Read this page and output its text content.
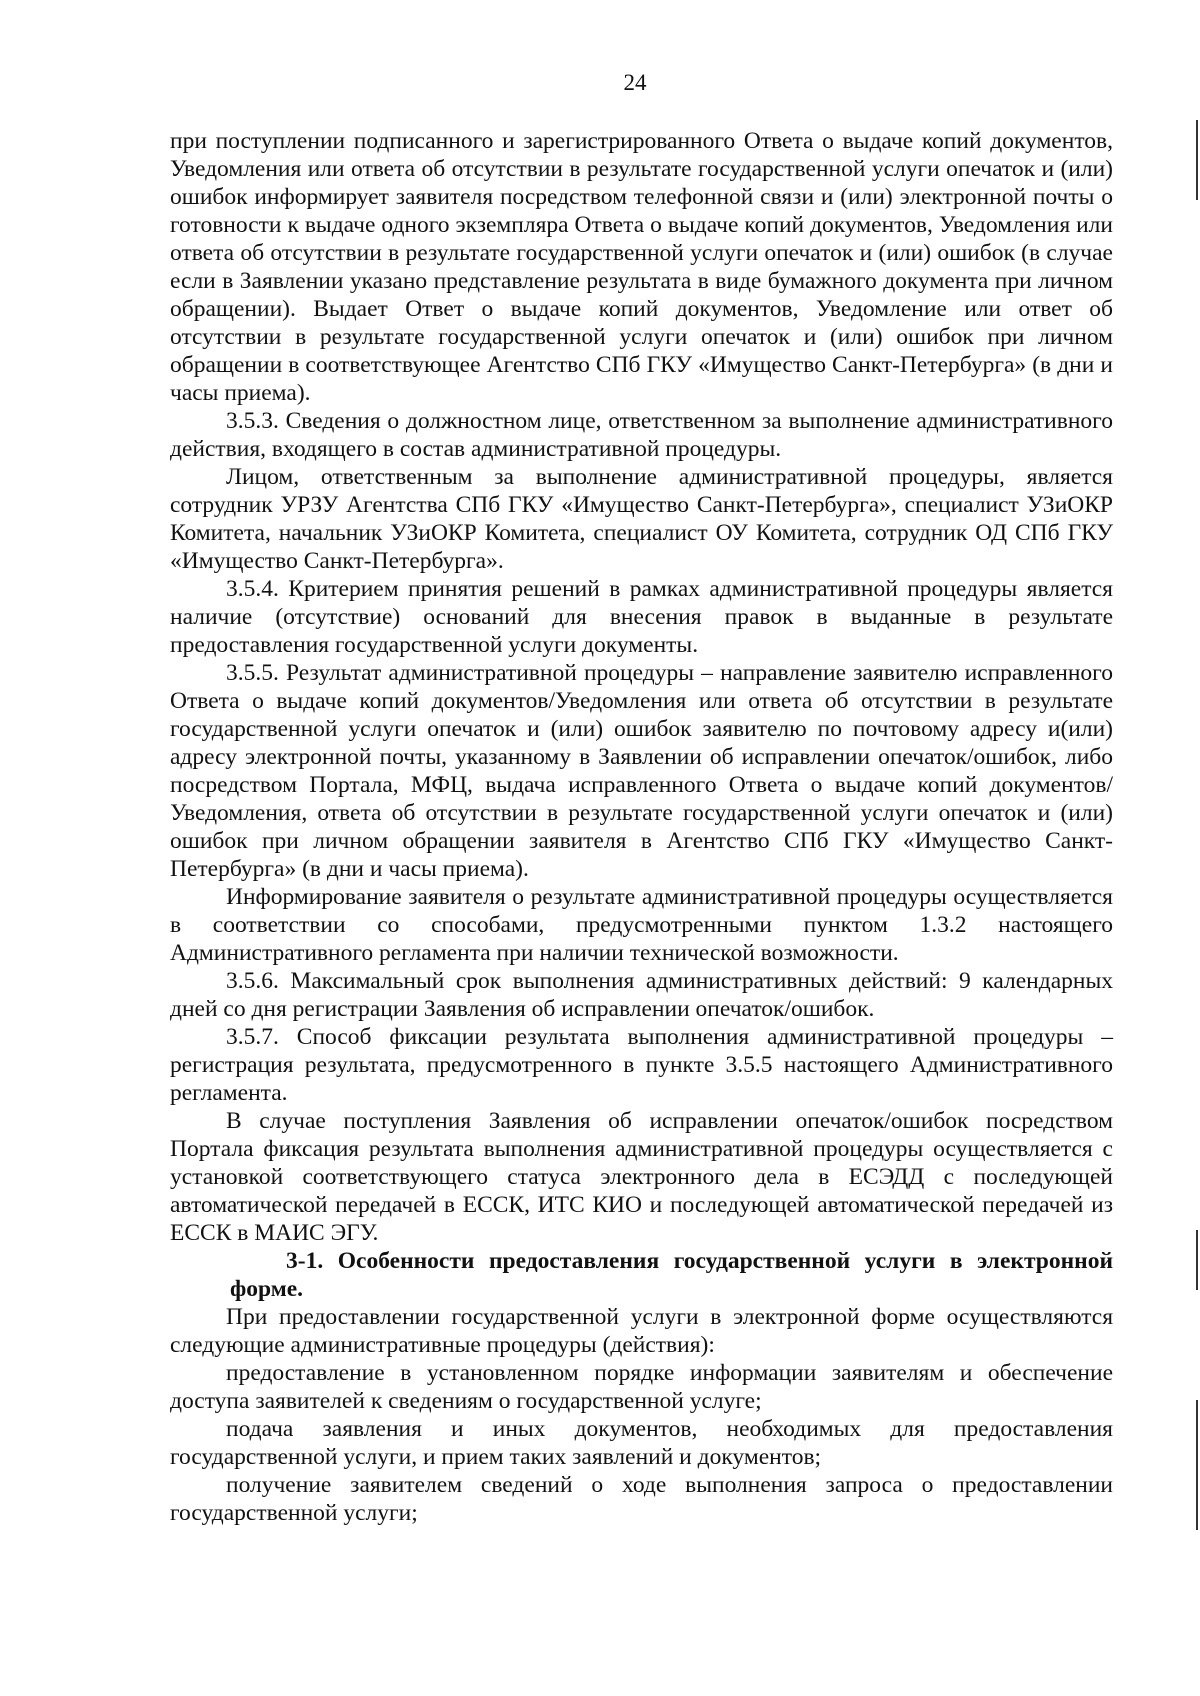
24

при поступлении подписанного и зарегистрированного Ответа о выдаче копий документов, Уведомления или ответа об отсутствии в результате государственной услуги опечаток и (или) ошибок информирует заявителя посредством телефонной связи и (или) электронной почты о готовности к выдаче одного экземпляра Ответа о выдаче копий документов, Уведомления или ответа об отсутствии в результате государственной услуги опечаток и (или) ошибок (в случае если в Заявлении указано представление результата в виде бумажного документа при личном обращении). Выдает Ответ о выдаче копий документов, Уведомление или ответ об отсутствии в результате государственной услуги опечаток и (или) ошибок при личном обращении в соответствующее Агентство СПб ГКУ «Имущество Санкт-Петербурга» (в дни и часы приема).

3.5.3. Сведения о должностном лице, ответственном за выполнение административного действия, входящего в состав административной процедуры.

Лицом, ответственным за выполнение административной процедуры, является сотрудник УРЗУ Агентства СПб ГКУ «Имущество Санкт-Петербурга», специалист УЗиОКР Комитета, начальник УЗиОКР Комитета, специалист ОУ Комитета, сотрудник ОД СПб ГКУ «Имущество Санкт-Петербурга».

3.5.4. Критерием принятия решений в рамках административной процедуры является наличие (отсутствие) оснований для внесения правок в выданные в результате предоставления государственной услуги документы.

3.5.5. Результат административной процедуры – направление заявителю исправленного Ответа о выдаче копий документов/Уведомления или ответа об отсутствии в результате государственной услуги опечаток и (или) ошибок заявителю по почтовому адресу и(или) адресу электронной почты, указанному в Заявлении об исправлении опечаток/ошибок, либо посредством Портала, МФЦ, выдача исправленного Ответа о выдаче копий документов/Уведомления, ответа об отсутствии в результате государственной услуги опечаток и (или) ошибок при личном обращении заявителя в Агентство СПб ГКУ «Имущество Санкт-Петербурга» (в дни и часы приема).

Информирование заявителя о результате административной процедуры осуществляется в соответствии со способами, предусмотренными пунктом 1.3.2 настоящего Административного регламента при наличии технической возможности.

3.5.6. Максимальный срок выполнения административных действий: 9 календарных дней со дня регистрации Заявления об исправлении опечаток/ошибок.

3.5.7. Способ фиксации результата выполнения административной процедуры – регистрация результата, предусмотренного в пункте 3.5.5 настоящего Административного регламента.

В случае поступления Заявления об исправлении опечаток/ошибок посредством Портала фиксация результата выполнения административной процедуры осуществляется с установкой соответствующего статуса электронного дела в ЕСЭДД с последующей автоматической передачей в ЕССК, ИТС КИО и последующей автоматической передачей из ЕССК в МАИС ЭГУ.

3-1. Особенности предоставления государственной услуги в электронной форме.

При предоставлении государственной услуги в электронной форме осуществляются следующие административные процедуры (действия):

предоставление в установленном порядке информации заявителям и обеспечение доступа заявителей к сведениям о государственной услуге;

подача заявления и иных документов, необходимых для предоставления государственной услуги, и прием таких заявлений и документов;

получение заявителем сведений о ходе выполнения запроса о предоставлении государственной услуги;
